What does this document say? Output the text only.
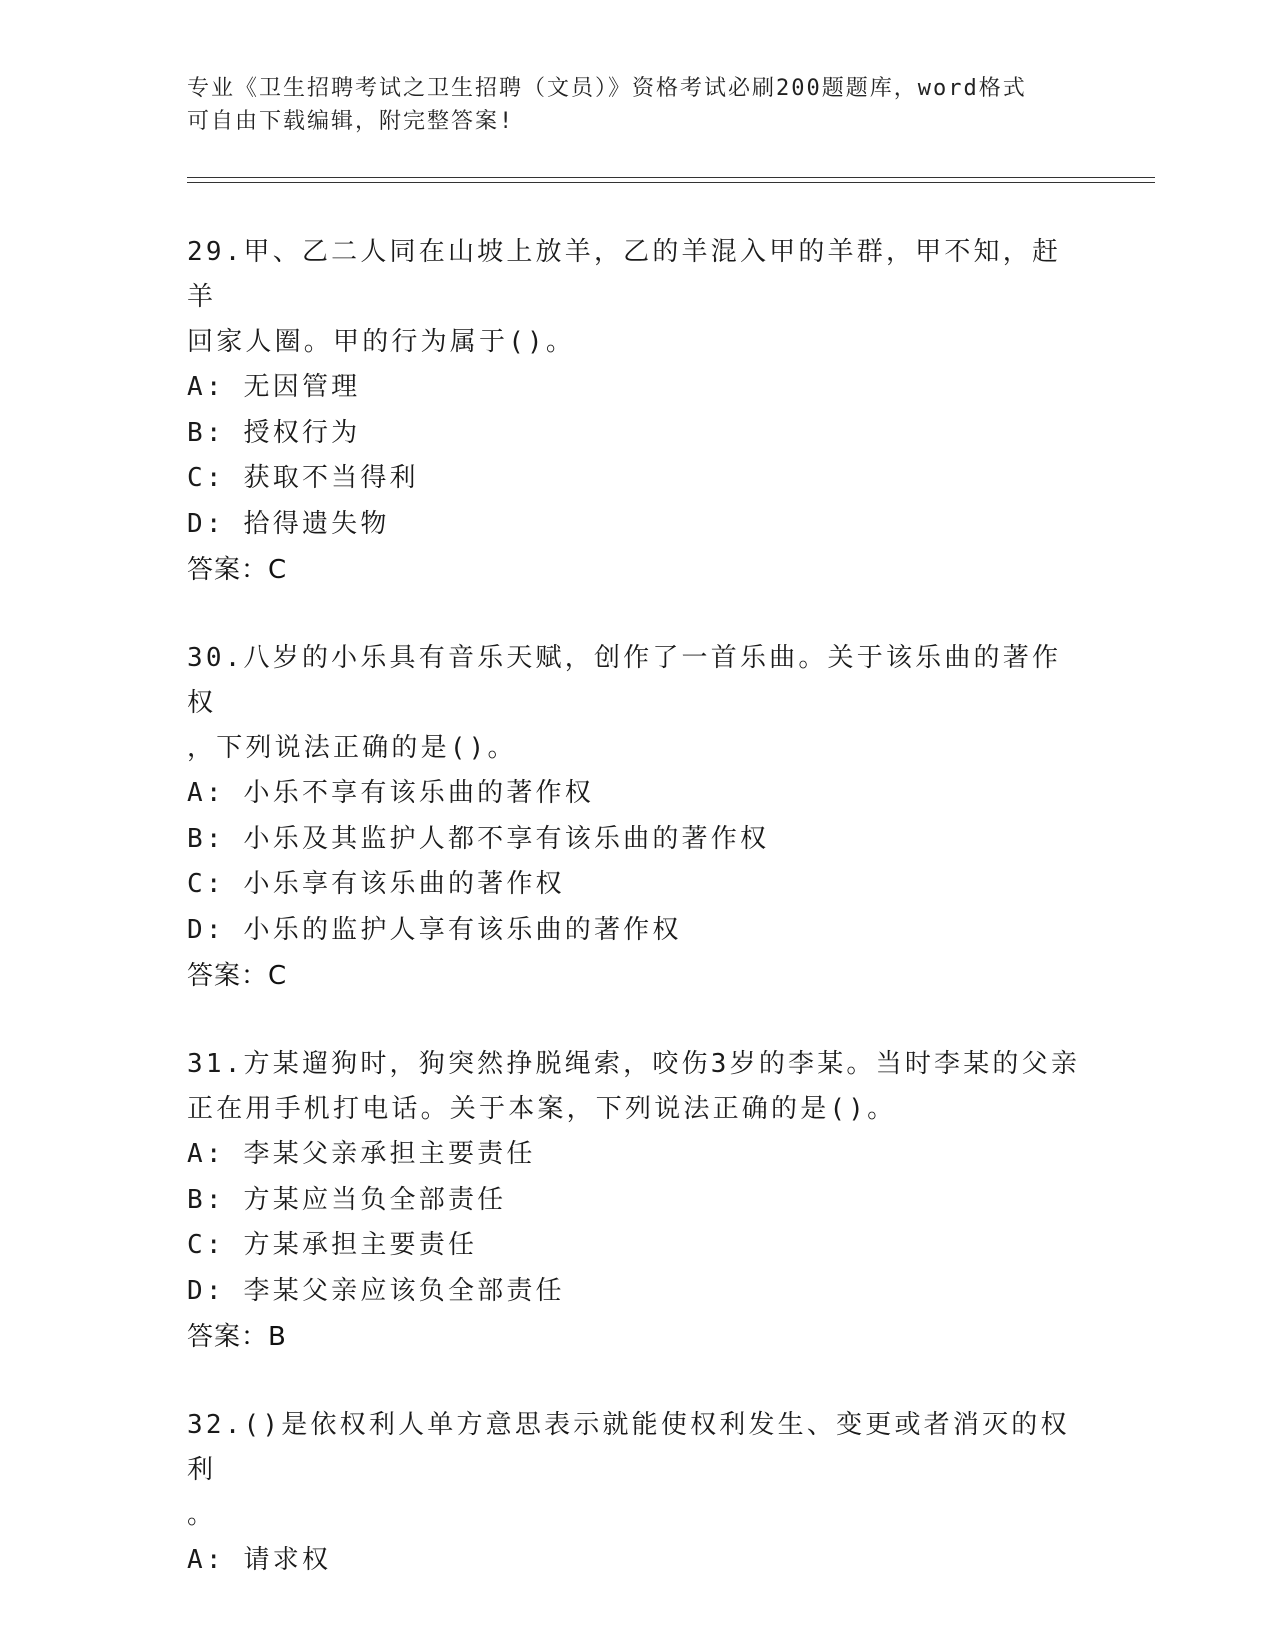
专业《卫生招聘考试之卫生招聘（文员）》资格考试必刷200题题库，word格式
可自由下载编辑，附完整答案!
29.甲、乙二人同在山坡上放羊，乙的羊混入甲的羊群，甲不知，赶羊
回家人圈。甲的行为属于()。
A: 无因管理
B: 授权行为
C: 获取不当得利
D: 拾得遗失物
答案：C
30.八岁的小乐具有音乐天赋，创作了一首乐曲。关于该乐曲的著作权
，下列说法正确的是()。
A: 小乐不享有该乐曲的著作权
B: 小乐及其监护人都不享有该乐曲的著作权
C: 小乐享有该乐曲的著作权
D: 小乐的监护人享有该乐曲的著作权
答案：C
31.方某遛狗时，狗突然挣脱绳索，咬伤3岁的李某。当时李某的父亲
正在用手机打电话。关于本案，下列说法正确的是()。
A: 李某父亲承担主要责任
B: 方某应当负全部责任
C: 方某承担主要责任
D: 李某父亲应该负全部责任
答案：B
32.()是依权利人单方意思表示就能使权利发生、变更或者消灭的权利
。
A: 请求权
